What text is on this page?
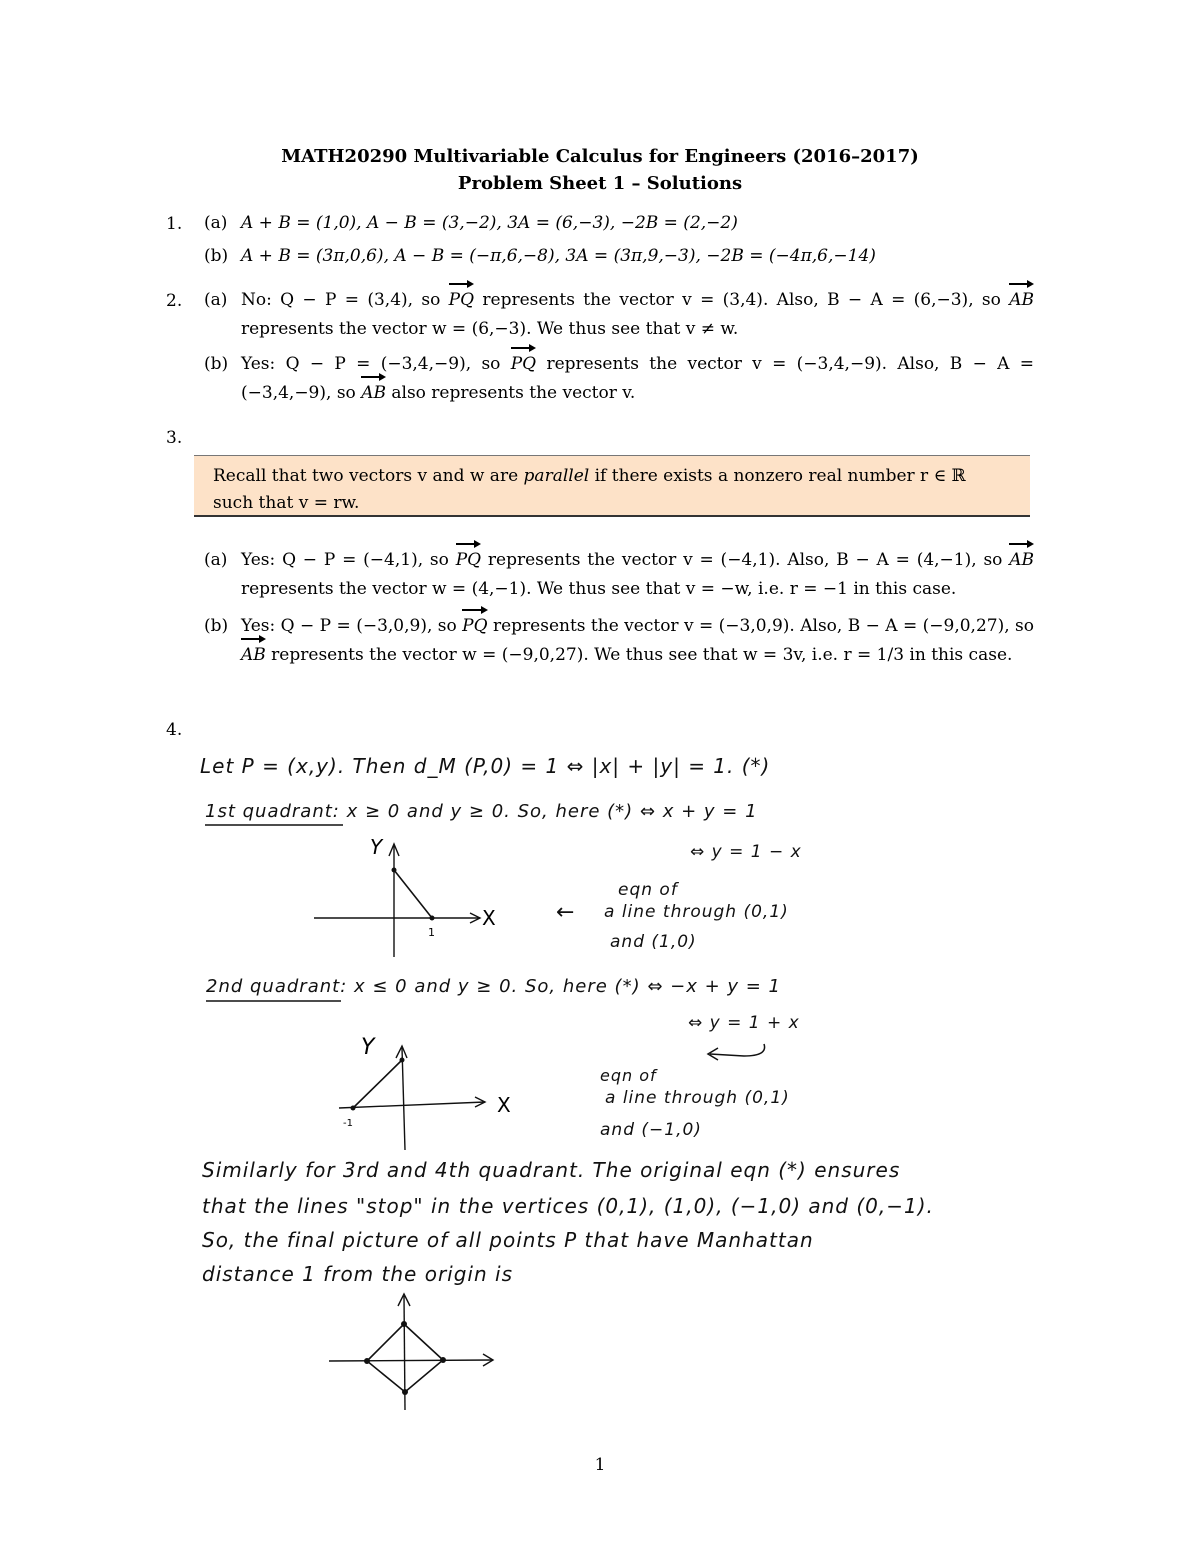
MATH20290 Multivariable Calculus for Engineers (2016–2017)
Problem Sheet 1 – Solutions
1. (a) A + B = (1,0), A − B = (3,−2), 3A = (6,−3), −2B = (2,−2)
(b) A + B = (3π,0,6), A − B = (−π,6,−8), 3A = (3π,9,−3), −2B = (−4π,6,−14)
2. (a) No: Q − P = (3,4), so PQ represents the vector v = (3,4). Also, B − A = (6,−3), so AB represents the vector w = (6,−3). We thus see that v ≠ w.
(b) Yes: Q − P = (−3,4,−9), so PQ represents the vector v = (−3,4,−9). Also, B − A = (−3,4,−9), so AB also represents the vector v.
3.
Recall that two vectors v and w are parallel if there exists a nonzero real number r ∈ ℝ such that v = rw.
(a) Yes: Q − P = (−4,1), so PQ represents the vector v = (−4,1). Also, B − A = (4,−1), so AB represents the vector w = (4,−1). We thus see that v = −w, i.e. r = −1 in this case.
(b) Yes: Q − P = (−3,0,9), so PQ represents the vector v = (−3,0,9). Also, B − A = (−9,0,27), so AB represents the vector w = (−9,0,27). We thus see that w = 3v, i.e. r = 1/3 in this case.
4.
Let P = (x,y). Then d_M (P,0) = 1 ⇔ |x| + |y| = 1. (*)
1st quadrant: x ≥ 0 and y ≥ 0. So, here (*) ⇔ x + y = 1
⇔ y = 1 − x
eqn of
a line through (0,1)
and (1,0)
←
Y
X
1
2nd quadrant: x ≤ 0 and y ≥ 0. So, here (*) ⇔ −x + y = 1
⇔ y = 1 + x
eqn of
a line through (0,1)
and (−1,0)
Y
X
-1
Similarly for 3rd and 4th quadrant. The original eqn (*) ensures
that the lines "stop" in the vertices (0,1), (1,0), (−1,0) and (0,−1).
So, the final picture of all points P that have Manhattan
distance 1 from the origin is
1
